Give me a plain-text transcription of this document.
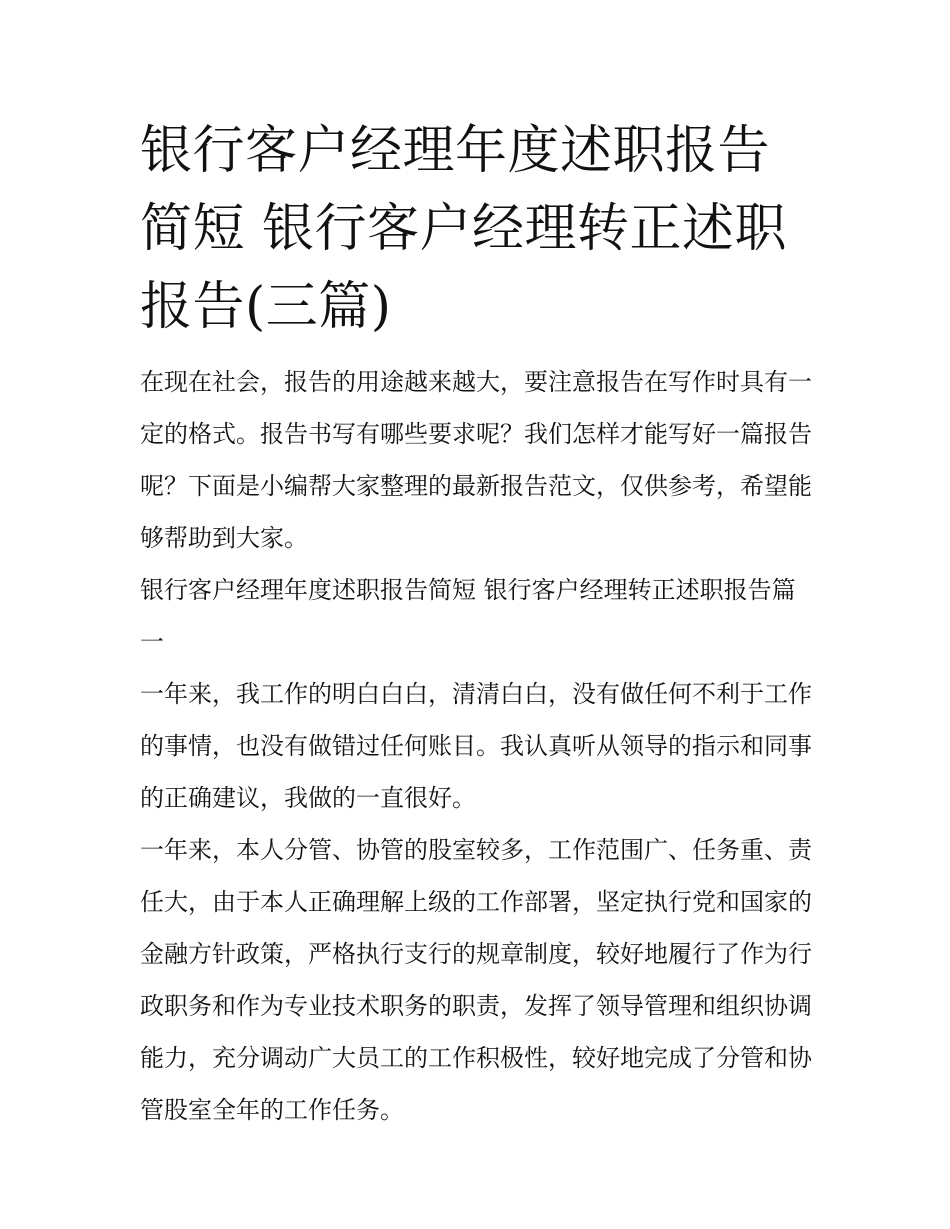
银行客户经理年度述职报告简短 银行客户经理转正述职报告(三篇)

在现在社会，报告的用途越来越大，要注意报告在写作时具有一定的格式。报告书写有哪些要求呢？我们怎样才能写好一篇报告呢？下面是小编帮大家整理的最新报告范文，仅供参考，希望能够帮助到大家。

银行客户经理年度述职报告简短 银行客户经理转正述职报告篇一

一年来，我工作的明白白白，清清白白，没有做任何不利于工作的事情，也没有做错过任何账目。我认真听从领导的指示和同事的正确建议，我做的一直很好。

一年来，本人分管、协管的股室较多，工作范围广、任务重、责任大，由于本人正确理解上级的工作部署，坚定执行党和国家的金融方针政策，严格执行支行的规章制度，较好地履行了作为行政职务和作为专业技术职务的职责，发挥了领导管理和组织协调能力，充分调动广大员工的工作积极性，较好地完成了分管和协管股室全年的工作任务。
